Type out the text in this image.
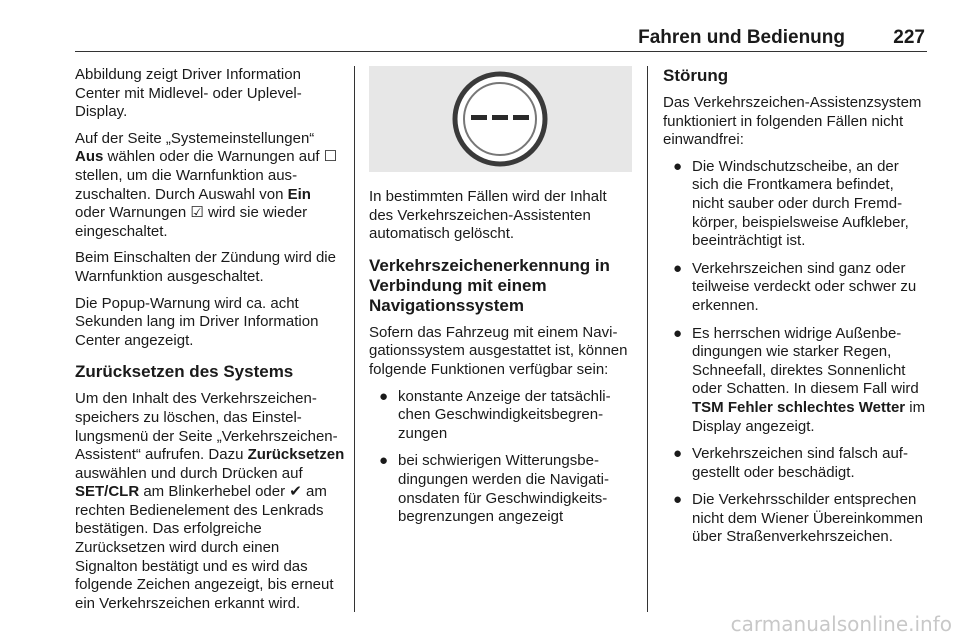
Fahren und Bedienung	227

Abbildung zeigt Driver Information Center mit Midlevel- oder Uplevel-Display.

Auf der Seite „Systemeinstellungen“ Aus wählen oder die Warnungen auf ☐ stellen, um die Warnfunktion auszuschalten. Durch Auswahl von Ein oder Warnungen ☑ wird sie wieder eingeschaltet.

Beim Einschalten der Zündung wird die Warnfunktion ausgeschaltet.

Die Popup-Warnung wird ca. acht Sekunden lang im Driver Information Center angezeigt.

Zurücksetzen des Systems

Um den Inhalt des Verkehrszeichenspeichers zu löschen, das Einstellungsmenü der Seite „Verkehrszeichen-Assistent“ aufrufen. Dazu Zurücksetzen auswählen und durch Drücken auf SET/CLR am Blinkerhebel oder ✔ am rechten Bedienelement des Lenkrads bestätigen. Das erfolgreiche Zurücksetzen wird durch einen Signalton bestätigt und es wird das folgende Zeichen angezeigt, bis erneut ein Verkehrszeichen erkannt wird.

In bestimmten Fällen wird der Inhalt des Verkehrszeichen-Assistenten automatisch gelöscht.

Verkehrszeichenerkennung in Verbindung mit einem Navigationssystem

Sofern das Fahrzeug mit einem Navigationssystem ausgestattet ist, können folgende Funktionen verfügbar sein:

● konstante Anzeige der tatsächlichen Geschwindigkeitsbegrenzungen
● bei schwierigen Witterungsbedingungen werden die Navigationsdaten für Geschwindigkeitsbegrenzungen angezeigt
Störung

Das Verkehrszeichen-Assistenzsystem funktioniert in folgenden Fällen nicht einwandfrei:

● Die Windschutzscheibe, an der sich die Frontkamera befindet, nicht sauber oder durch Fremdkörper, beispielsweise Aufkleber, beeinträchtigt ist.
● Verkehrszeichen sind ganz oder teilweise verdeckt oder schwer zu erkennen.
● Es herrschen widrige Außenbedingungen wie starker Regen, Schneefall, direktes Sonnenlicht oder Schatten. In diesem Fall wird TSM Fehler schlechtes Wetter im Display angezeigt.
● Verkehrszeichen sind falsch aufgestellt oder beschädigt.
● Die Verkehrsschilder entsprechen nicht dem Wiener Übereinkommen über Straßenverkehrszeichen.
carmanualsonline.info
